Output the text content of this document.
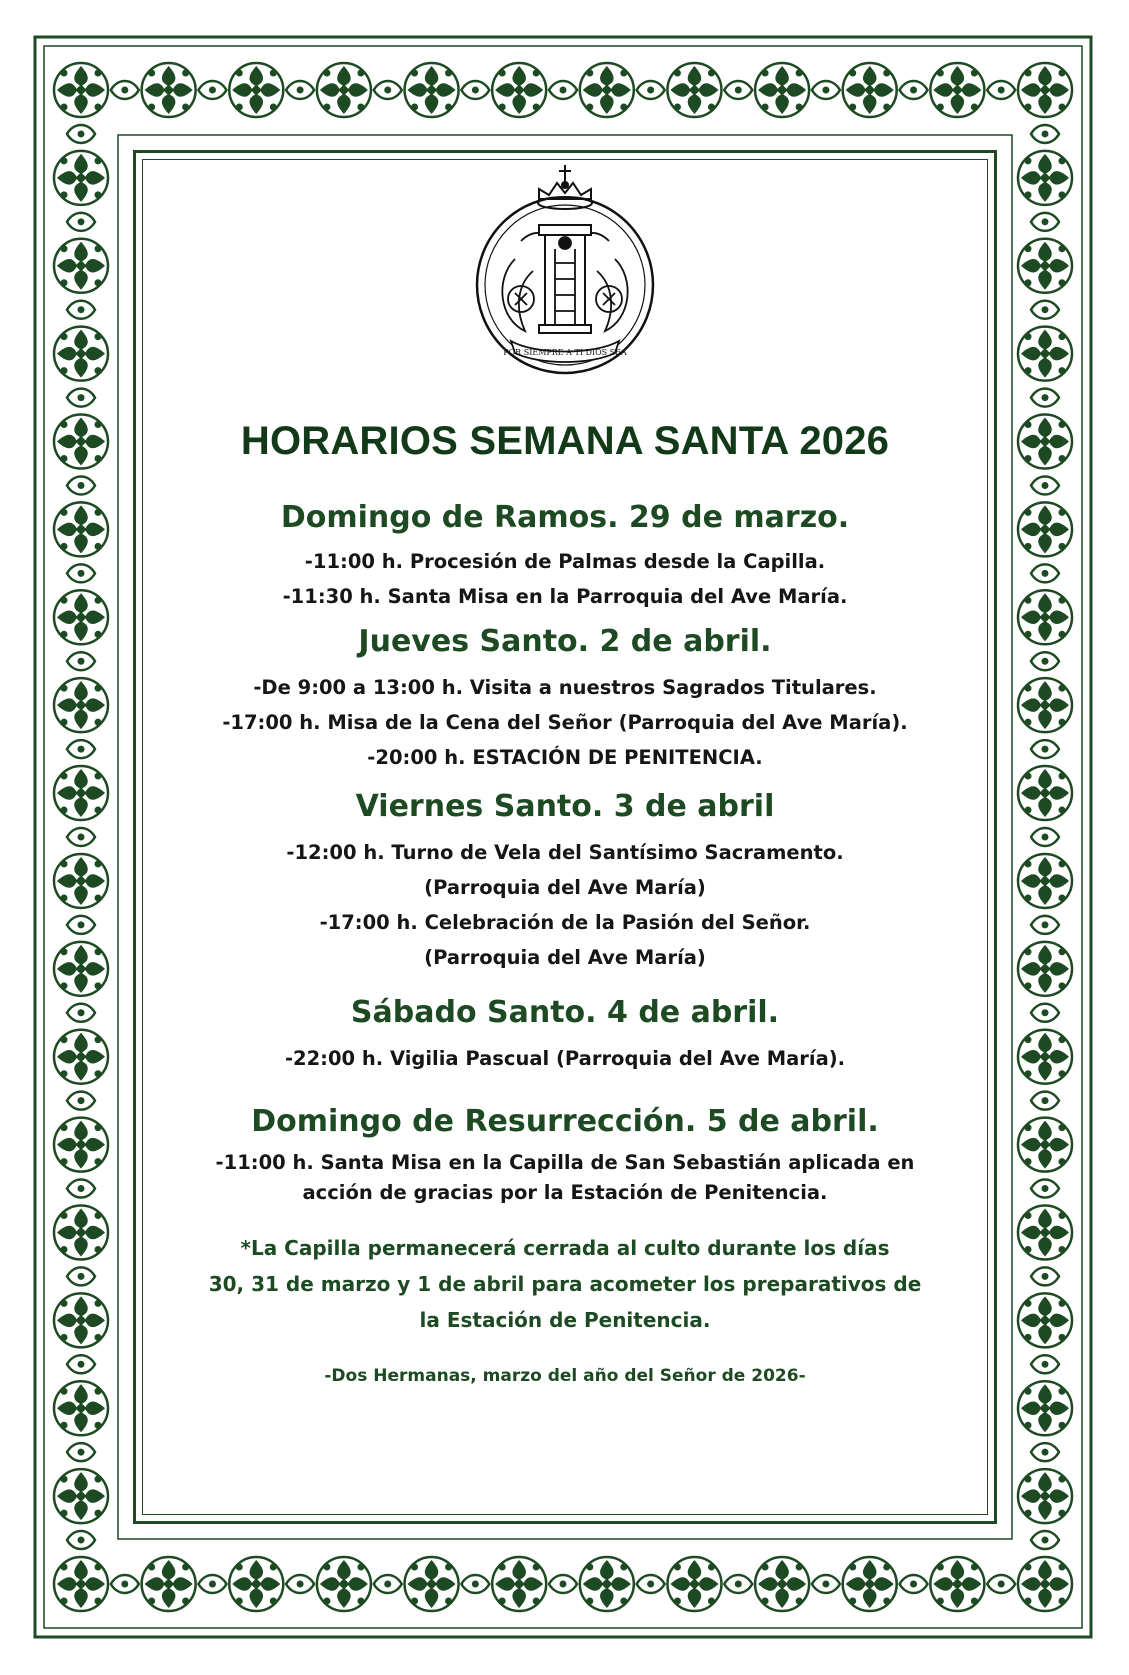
POR SIEMPRE A TI DIOS SEA
HORARIOS SEMANA SANTA 2026
Domingo de Ramos. 29 de marzo.

-11:00 h. Procesión de Palmas desde la Capilla.

-11:30 h. Santa Misa en la Parroquia del Ave María.

Jueves Santo. 2 de abril.

-De 9:00 a 13:00 h. Visita a nuestros Sagrados Titulares.

-17:00 h. Misa de la Cena del Señor (Parroquia del Ave María).

-20:00 h. ESTACIÓN DE PENITENCIA.

Viernes Santo. 3 de abril

-12:00 h. Turno de Vela del Santísimo Sacramento.

(Parroquia del Ave María)

-17:00 h. Celebración de la Pasión del Señor.

(Parroquia del Ave María)

Sábado Santo. 4 de abril.

-22:00 h. Vigilia Pascual (Parroquia del Ave María).

Domingo de Resurrección. 5 de abril.

-11:00 h. Santa Misa en la Capilla de San Sebastián aplicada en

acción de gracias por la Estación de Penitencia.

*La Capilla permanecerá cerrada al culto durante los días
30, 31 de marzo y 1 de abril para acometer los preparativos de
la Estación de Penitencia.

-Dos Hermanas, marzo del año del Señor de 2026-
